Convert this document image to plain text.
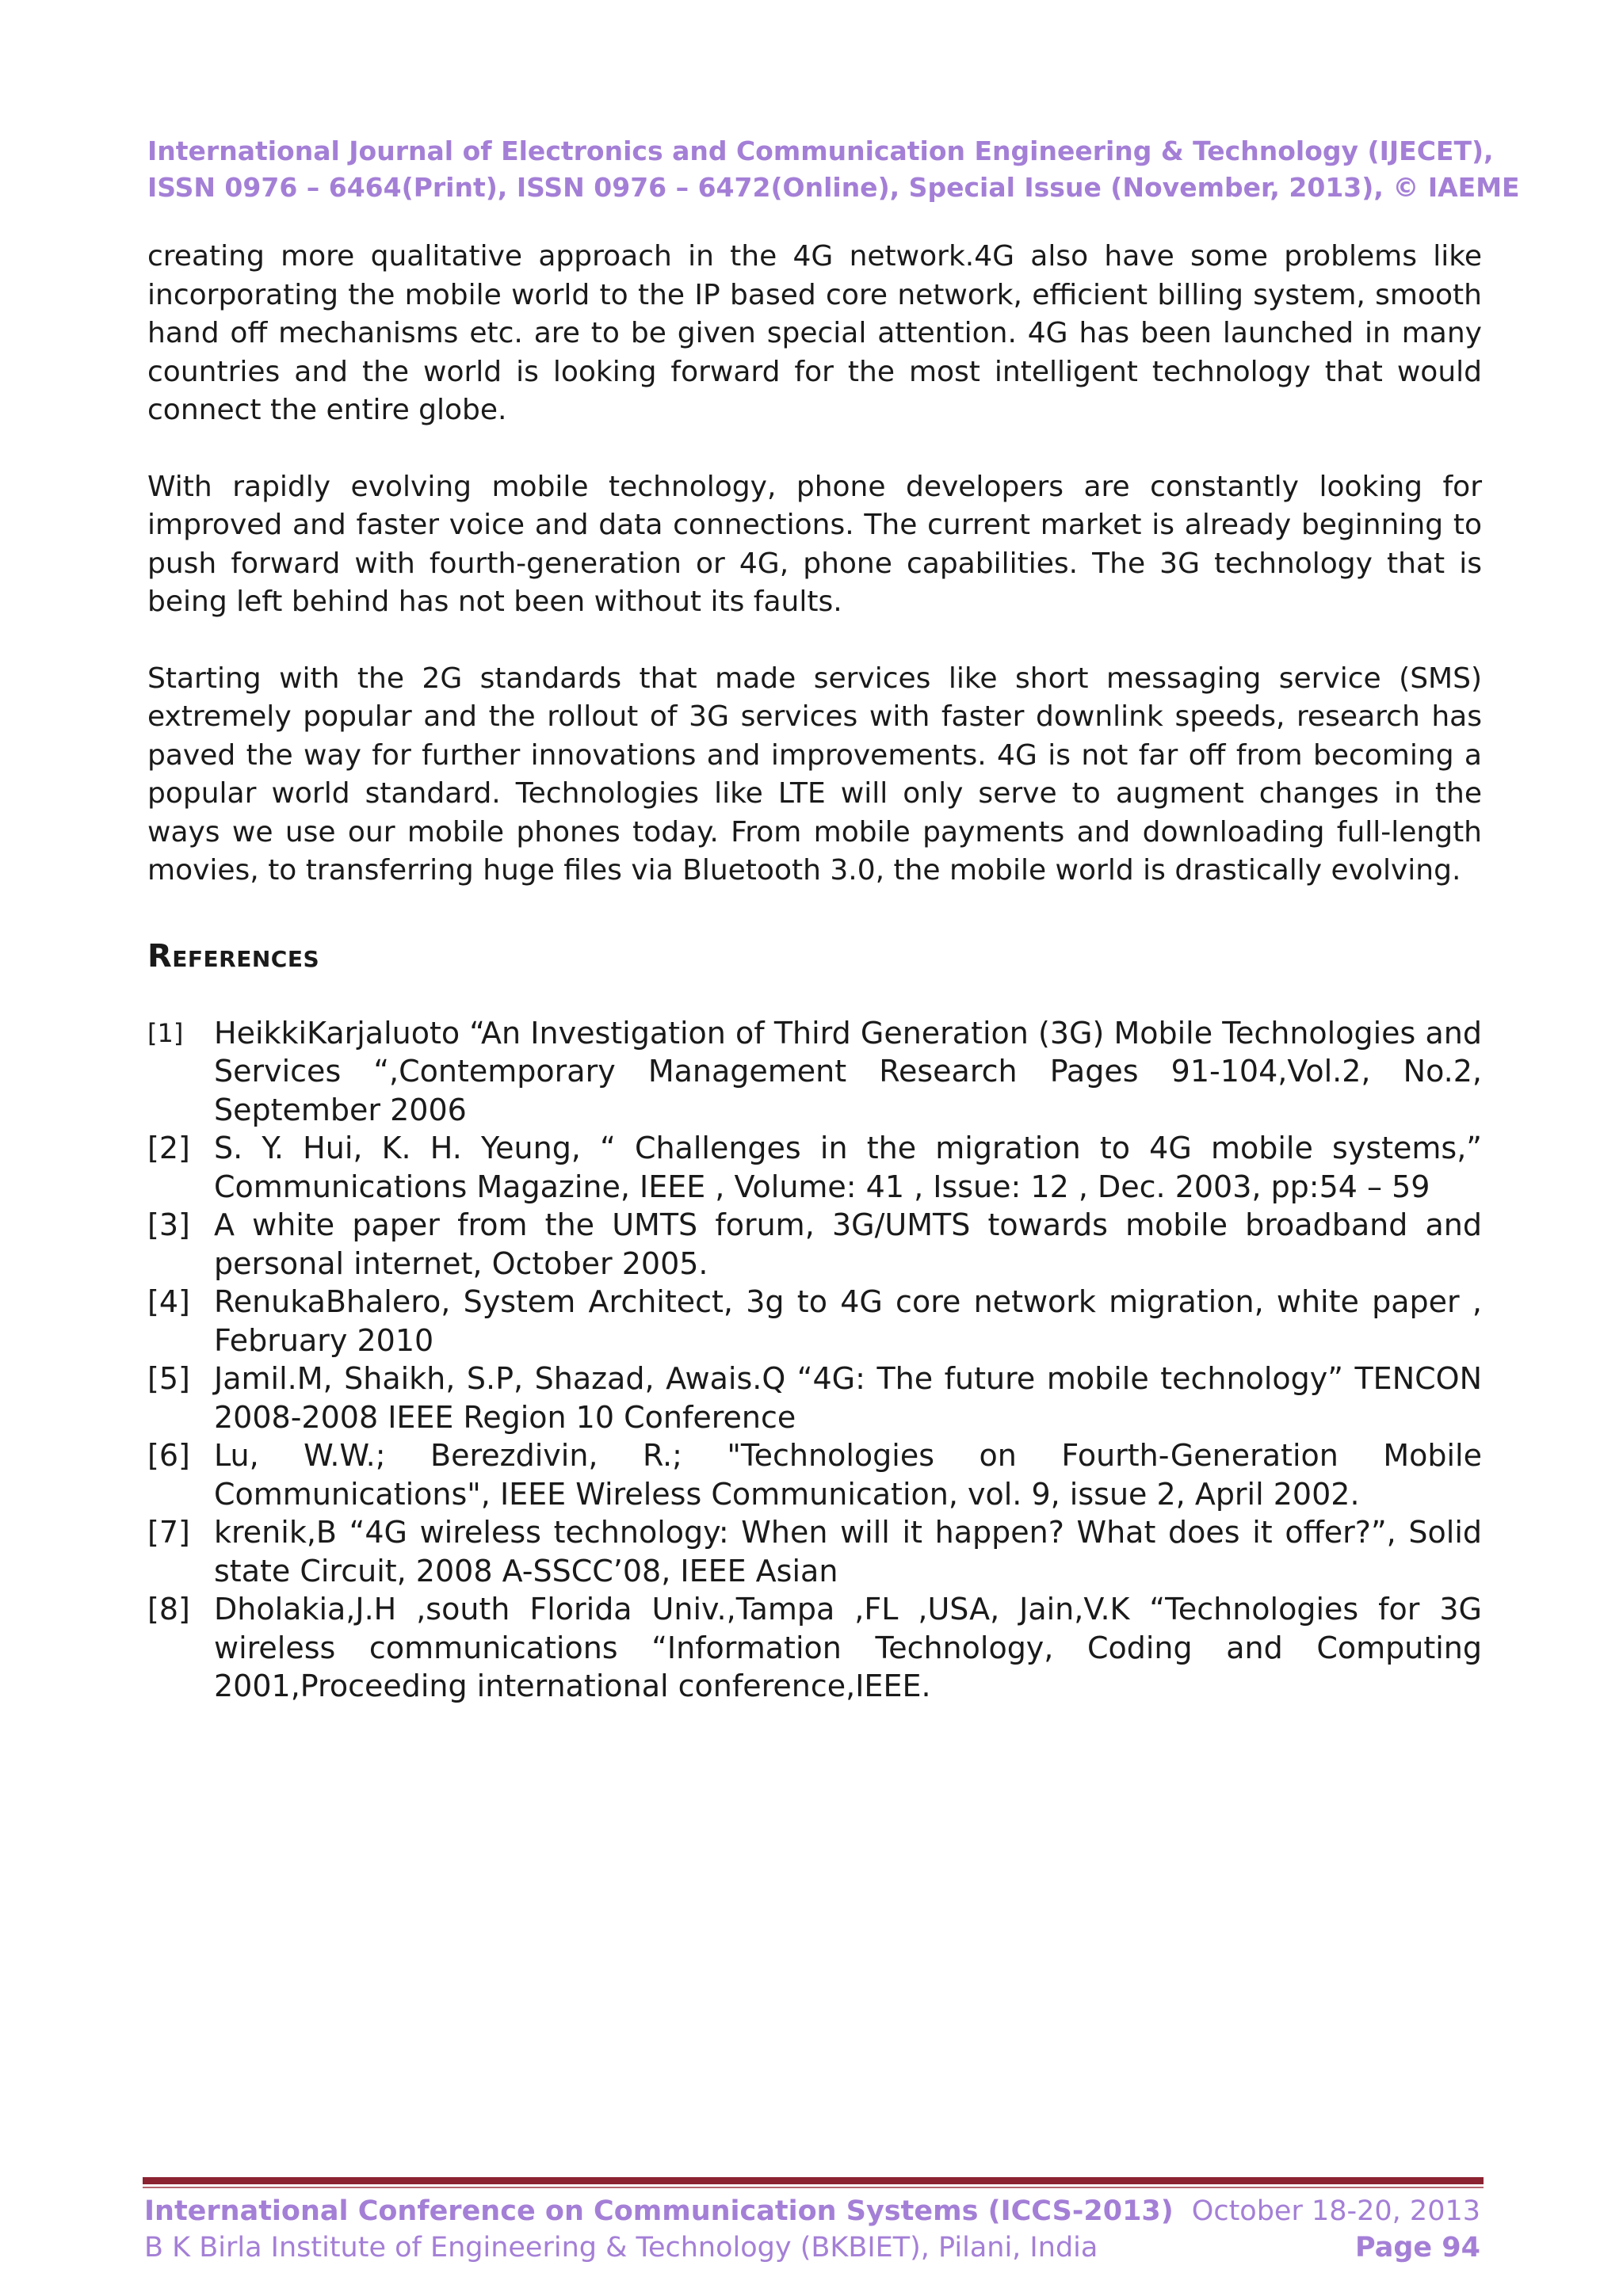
International Journal of Electronics and Communication Engineering & Technology (IJECET),
ISSN 0976 – 6464(Print), ISSN 0976 – 6472(Online), Special Issue (November, 2013), © IAEME

creating more qualitative approach in the 4G network.4G also have some problems like incorporating the mobile world to the IP based core network, efficient billing system, smooth hand off mechanisms etc. are to be given special attention. 4G has been launched in many countries and the world is looking forward for the most intelligent technology that would connect the entire globe.

With rapidly evolving mobile technology, phone developers are constantly looking for improved and faster voice and data connections. The current market is already beginning to push forward with fourth-generation or 4G, phone capabilities. The 3G technology that is being left behind has not been without its faults.

Starting with the 2G standards that made services like short messaging service (SMS) extremely popular and the rollout of 3G services with faster downlink speeds, research has paved the way for further innovations and improvements. 4G is not far off from becoming a popular world standard. Technologies like LTE will only serve to augment changes in the ways we use our mobile phones today. From mobile payments and downloading full-length movies, to transferring huge files via Bluetooth 3.0, the mobile world is drastically evolving.

References
[1]	HeikkiKarjaluoto “An Investigation of Third Generation (3G) Mobile Technologies and Services “,Contemporary Management Research Pages 91-104,Vol.2, No.2, September 2006
[2] S. Y. Hui, K. H. Yeung, “ Challenges in the migration to 4G mobile systems,” Communications Magazine, IEEE , Volume: 41 , Issue: 12 , Dec. 2003, pp:54 – 59
[3] A white paper from the UMTS forum, 3G/UMTS towards mobile broadband and personal internet, October 2005.
[4] RenukaBhalero, System Architect, 3g to 4G core network migration, white paper , February 2010
[5] Jamil.M, Shaikh, S.P, Shazad, Awais.Q “4G: The future mobile technology” TENCON 2008-2008 IEEE Region 10 Conference
[6] Lu, W.W.; Berezdivin, R.; "Technologies on Fourth-Generation Mobile Communications", IEEE Wireless Communication, vol. 9, issue 2, April 2002.
[7] krenik,B “4G wireless technology: When will it happen? What does it offer?”, Solid state Circuit, 2008 A-SSCC’08, IEEE Asian
[8] Dholakia,J.H ,south Florida Univ.,Tampa ,FL ,USA, Jain,V.K “Technologies for 3G wireless communications “Information Technology, Coding and Computing 2001,Proceeding international conference,IEEE.
International Conference on Communication Systems (ICCS-2013) October 18-20, 2013
B K Birla Institute of Engineering & Technology (BKBIET), Pilani, India	Page 94
